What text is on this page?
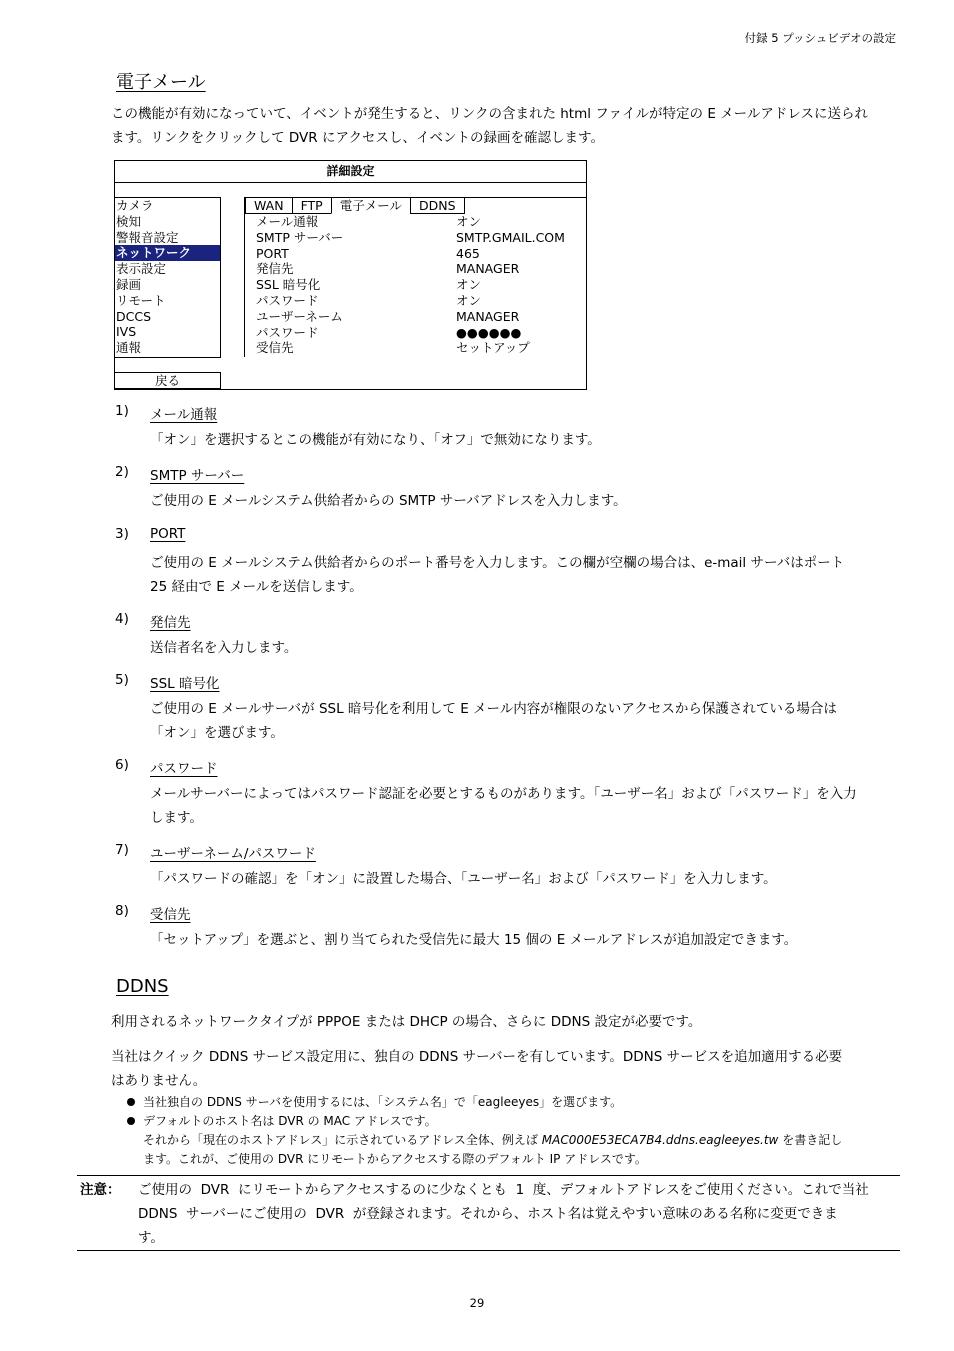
付録 5 プッシュビデオの設定
電子メール
この機能が有効になっていて、イベントが発生すると、リンクの含まれた html ファイルが特定の E メールアドレスに送られ
ます。リンクをクリックして DVR にアクセスし、イベントの録画を確認します。
詳細設定
カメラ
検知
警報音設定
ネットワーク
表示設定
録画
リモート
DCCS
IVS
通報
WAN	FTP	電子メール	DDNS
メール通報	オン
SMTP サーバー	SMTP.GMAIL.COM
PORT	465
発信先	MANAGER
SSL 暗号化	オン
パスワード	オン
ユーザーネーム	MANAGER
パスワード	●●●●●●
受信先	セットアップ
戻る
1) メール通報
「オン」を選択するとこの機能が有効になり、「オフ」で無効になります。
2) SMTP サーバー
ご使用の E メールシステム供給者からの SMTP サーバアドレスを入力します。
3) PORT
ご使用の E メールシステム供給者からのポート番号を入力します。この欄が空欄の場合は、e-mail サーバはポート
25 経由で E メールを送信します。
4) 発信先
送信者名を入力します。
5) SSL 暗号化
ご使用の E メールサーバが SSL 暗号化を利用して E メール内容が権限のないアクセスから保護されている場合は
「オン」を選びます。
6) パスワード
メールサーバーによってはパスワード認証を必要とするものがあります。「ユーザー名」および「パスワード」を入力
します。
7) ユーザーネーム/パスワード
「パスワードの確認」を「オン」に設置した場合、「ユーザー名」および「パスワード」を入力します。
8) 受信先
「セットアップ」を選ぶと、割り当てられた受信先に最大 15 個の E メールアドレスが追加設定できます。
DDNS
利用されるネットワークタイプが PPPOE または DHCP の場合、さらに DDNS 設定が必要です。
当社はクイック DDNS サービス設定用に、独自の DDNS サーバーを有しています。DDNS サービスを追加適用する必要
はありません。
当社独自の DDNS サーバを使用するには、「システム名」で「eagleeyes」を選びます。
デフォルトのホスト名は DVR の MAC アドレスです。
それから「現在のホストアドレス」に示されているアドレス全体、例えば MAC000E53ECA7B4.ddns.eagleeyes.tw を書き記し
ます。これが、ご使用の DVR にリモートからアクセスする際のデフォルト IP アドレスです。
注意： ご使用の  DVR  にリモートからアクセスするのに少なくとも  1  度、デフォルトアドレスをご使用ください。これで当社
DDNS  サーバーにご使用の  DVR  が登録されます。それから、ホスト名は覚えやすい意味のある名称に変更できま
す。
29
